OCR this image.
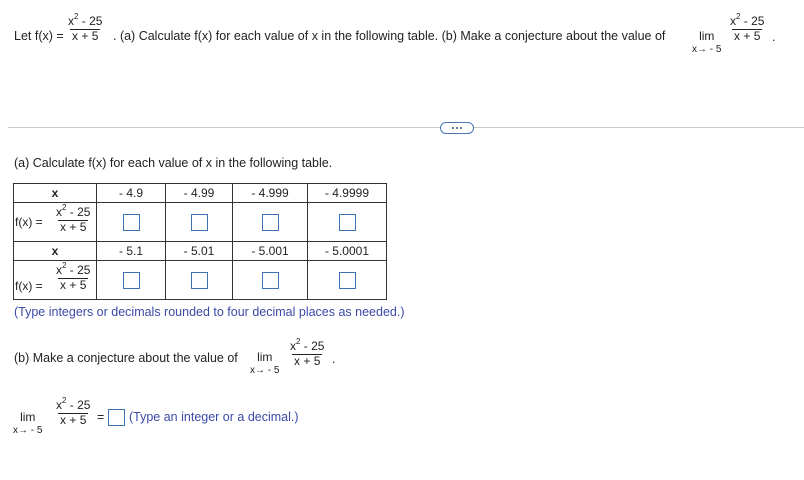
Let $f(x) = \frac{x^2 - 25}{x + 5}$ . (a) Calculate f(x) for each value of x in the following table. (b) Make a conjecture about the value of	lim
x→ - 5
$\frac{x^2 - 25}{x + 5}$ .
(a) Calculate f(x) for each value of x in the following table.
x	- 4.9	- 4.99	- 4.999	- 4.9999

$f(x) = \frac{x^2 - 25}{x + 5}$

x	- 5.1	- 5.01	- 5.001	- 5.0001

$f(x) = \frac{x^2 - 25}{x + 5}$

(Type integers or decimals rounded to four decimal places as needed.)
(b) Make a conjecture about the value of lim
x→ - 5
$\frac{x^2 - 25}{x + 5}$ .
lim
x→ - 5
$\frac{x^2 - 25}{x + 5}$ = (Type an integer or a decimal.)
